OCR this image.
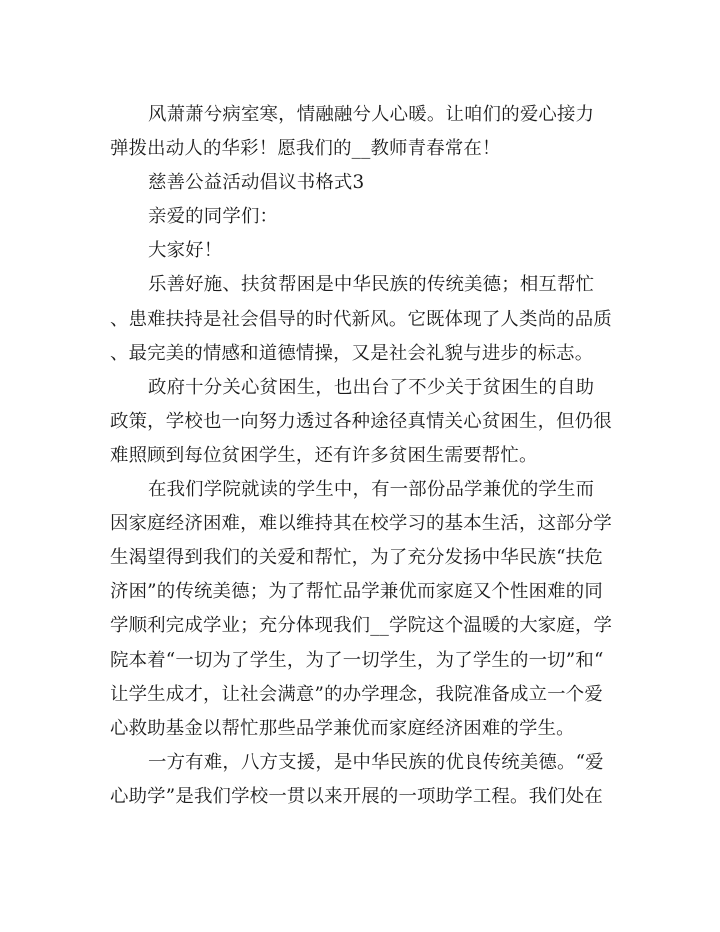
风萧萧兮病室寒，情融融兮人心暖。让咱们的爱心接力
弹拨出动人的华彩！愿我们的__教师青春常在！
慈善公益活动倡议书格式3
亲爱的同学们：
大家好！
乐善好施、扶贫帮困是中华民族的传统美德；相互帮忙
、患难扶持是社会倡导的时代新风。它既体现了人类尚的品质
、最完美的情感和道德情操，又是社会礼貌与进步的标志。
政府十分关心贫困生，也出台了不少关于贫困生的自助
政策，学校也一向努力透过各种途径真情关心贫困生，但仍很
难照顾到每位贫困学生，还有许多贫困生需要帮忙。
在我们学院就读的学生中，有一部份品学兼优的学生而
因家庭经济困难，难以维持其在校学习的基本生活，这部分学
生渴望得到我们的关爱和帮忙，为了充分发扬中华民族“扶危
济困”的传统美德；为了帮忙品学兼优而家庭又个性困难的同
学顺利完成学业；充分体现我们__学院这个温暖的大家庭，学
院本着“一切为了学生，为了一切学生，为了学生的一切”和“
让学生成才，让社会满意”的办学理念，我院准备成立一个爱
心救助基金以帮忙那些品学兼优而家庭经济困难的学生。
一方有难，八方支援，是中华民族的优良传统美德。“爱
心助学”是我们学校一贯以来开展的一项助学工程。我们处在
